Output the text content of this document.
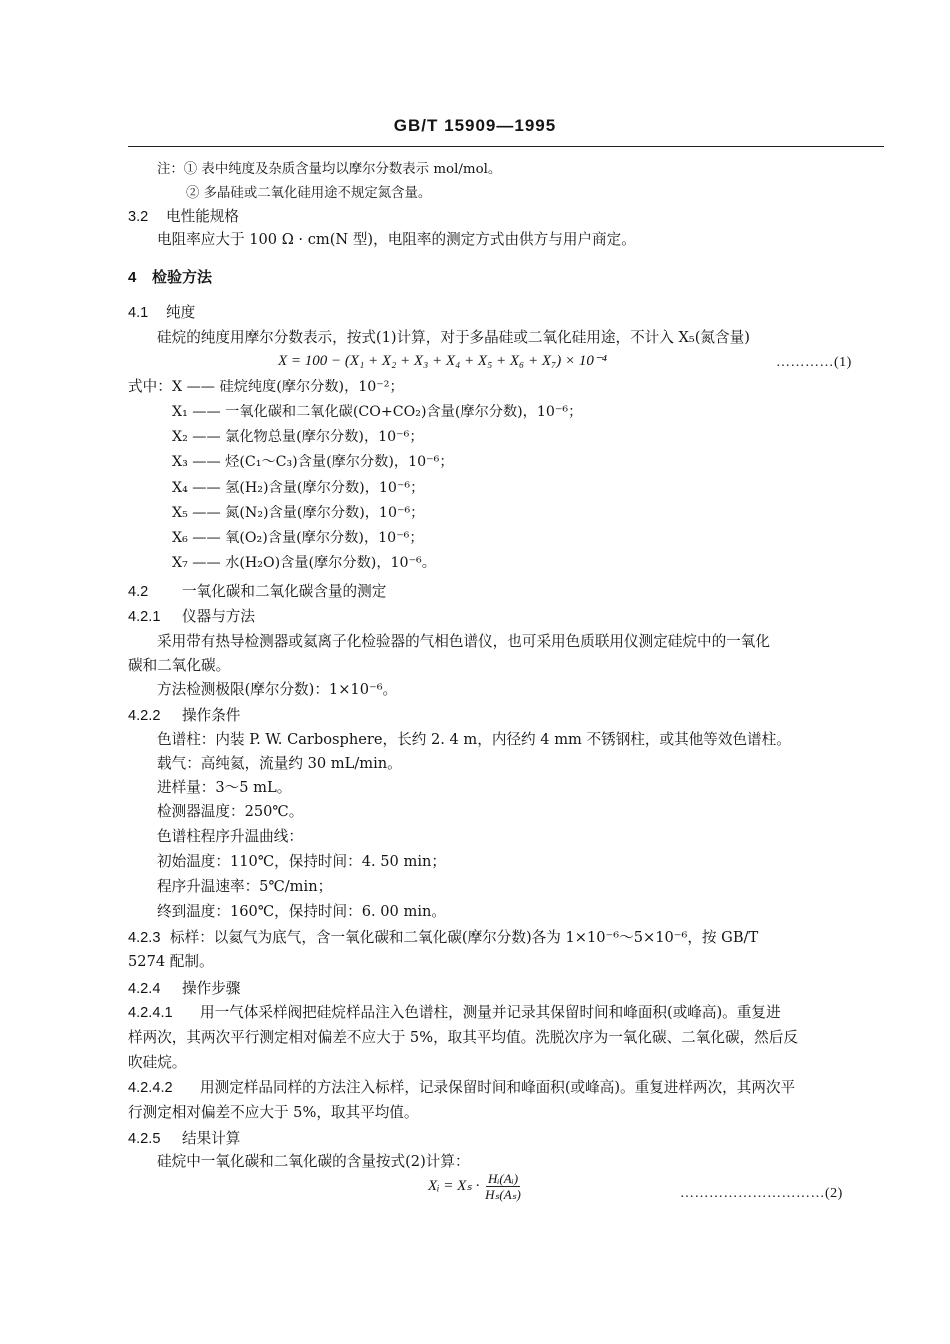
GB/T 15909—1995
注：① 表中纯度及杂质含量均以摩尔分数表示 mol/mol。
② 多晶硅或二氧化硅用途不规定氮含量。
3.2 电性能规格
电阻率应大于 100 Ω · cm(N 型)，电阻率的测定方式由供方与用户商定。
4 检验方法
4.1 纯度
硅烷的纯度用摩尔分数表示，按式(1)计算，对于多晶硅或二氧化硅用途，不计入 X₅(氮含量)
X = 100 − (X₁ + X₂ + X₃ + X₄ + X₅ + X₆ + X₇) × 10⁻⁴	…………(1)
式中： X —— 硅烷纯度(摩尔分数)，10⁻²；
X₁ —— 一氧化碳和二氧化碳(CO+CO₂)含量(摩尔分数)，10⁻⁶；
X₂ —— 氯化物总量(摩尔分数)，10⁻⁶；
X₃ —— 烃(C₁～C₃)含量(摩尔分数)，10⁻⁶；
X₄ —— 氢(H₂)含量(摩尔分数)，10⁻⁶；
X₅ —— 氮(N₂)含量(摩尔分数)，10⁻⁶；
X₆ —— 氧(O₂)含量(摩尔分数)，10⁻⁶；
X₇ —— 水(H₂O)含量(摩尔分数)，10⁻⁶。
4.2 一氧化碳和二氧化碳含量的测定
4.2.1 仪器与方法
采用带有热导检测器或氦离子化检验器的气相色谱仪，也可采用色质联用仪测定硅烷中的一氧化
碳和二氧化碳。
方法检测极限(摩尔分数)：1×10⁻⁶。
4.2.2 操作条件
色谱柱：内装 P. W. Carbosphere，长约 2. 4 m，内径约 4 mm 不锈钢柱，或其他等效色谱柱。
载气：高纯氦，流量约 30 mL/min。
进样量：3～5 mL。
检测器温度：250℃。
色谱柱程序升温曲线：
初始温度：110℃，保持时间：4. 50 min；
程序升温速率：5℃/min；
终到温度：160℃，保持时间：6. 00 min。
4.2.3 标样：以氦气为底气，含一氧化碳和二氧化碳(摩尔分数)各为 1×10⁻⁶～5×10⁻⁶，按 GB/T
5274 配制。
4.2.4 操作步骤
4.2.4.1 用一气体采样阀把硅烷样品注入色谱柱，测量并记录其保留时间和峰面积(或峰高)。重复进
样两次，其两次平行测定相对偏差不应大于 5%，取其平均值。洗脱次序为一氧化碳、二氧化碳，然后反
吹硅烷。
4.2.4.2 用测定样品同样的方法注入标样，记录保留时间和峰面积(或峰高)。重复进样两次，其两次平
行测定相对偏差不应大于 5%，取其平均值。
4.2.5 结果计算
硅烷中一氧化碳和二氧化碳的含量按式(2)计算：
Xᵢ = $X_s \cdot \frac{\text{Hᵢ(Aᵢ)}}{\text{Hₛ(Aₛ)}}$	…………………………(2)
